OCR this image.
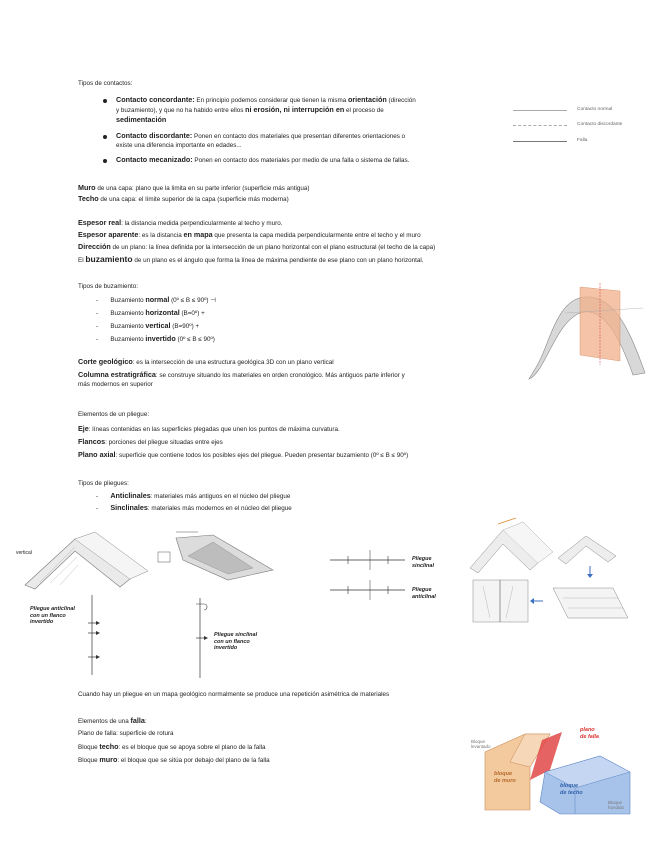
Tipos de contactos:
Contacto concordante: En principio podemos considerar que tienen la misma orientación (dirección
y buzamiento), y que no ha habido entre ellos ni erosión, ni interrupción en el proceso de
sedimentación
Contacto discordante: Ponen en contacto dos materiales que presentan diferentes orientaciones o
existe una diferencia importante en edades...
Contacto mecanizado: Ponen en contacto dos materiales por medio de una falla o sistema de fallas.
Contacto normal
Contacto discordante
Falla
Muro de una capa: plano que la limita en su parte inferior (superficie más antigua)
Techo de una capa: el límite superior de la capa (superficie más moderna)
Espesor real: la distancia medida perpendicularmente al techo y muro.
Espesor aparente: es la distancia en mapa que presenta la capa medida perpendicularmente entre el techo y el muro
Dirección de un plano: la línea definida por la intersección de un plano horizontal con el plano estructural (el techo de la capa)
El buzamiento de un plano es el ángulo que forma la línea de máxima pendiente de ese plano con un plano horizontal.
Tipos de buzamiento:
-       Buzamiento normal (0º ≤ B ≤ 90º) ⊣
-       Buzamiento horizontal (B=0º) +
-       Buzamiento vertical (B=90º) +
-       Buzamiento invertido (0º ≤ B ≤ 90º)
Corte geológico: es la intersección de una estructura geológica 3D con un plano vertical
Columna estratigráfica: se construye situando los materiales en orden cronológico. Más antiguos parte inferior y
más modernos en superior
Elementos de un pliegue:
Eje: líneas contenidas en las superficies plegadas que unen los puntos de máxima curvatura.
Flancos: porciones del pliegue situadas entre ejes
Plano axial: superficie que contiene todos los posibles ejes del pliegue. Pueden presentar buzamiento (0º ≤ B ≤ 90º)
Tipos de pliegues:
-       Anticlinales: materiales más antiguos en el núcleo del pliegue
-       Sinclinales: materiales más modernos en el núcleo del pliegue
vertical
Pliegue anticlinal
con un flanco
invertido
Pliegue sinclinal
con un flanco
invertido
Pliegue
sinclinal
Pliegue
anticlinal
Cuando hay un pliegue en un mapa geológico normalmente se produce una repetición asimétrica de materiales
Elementos de una falla:
Plano de falla: superficie de rotura
Bloque techo: es el bloque que se apoya sobre el plano de la falla
Bloque muro: el bloque que se sitúa por debajo del plano de la falla
plano
de falla
bloque
de muro
bloque
de techo
Bloque
levantado
Bloque
hundido
